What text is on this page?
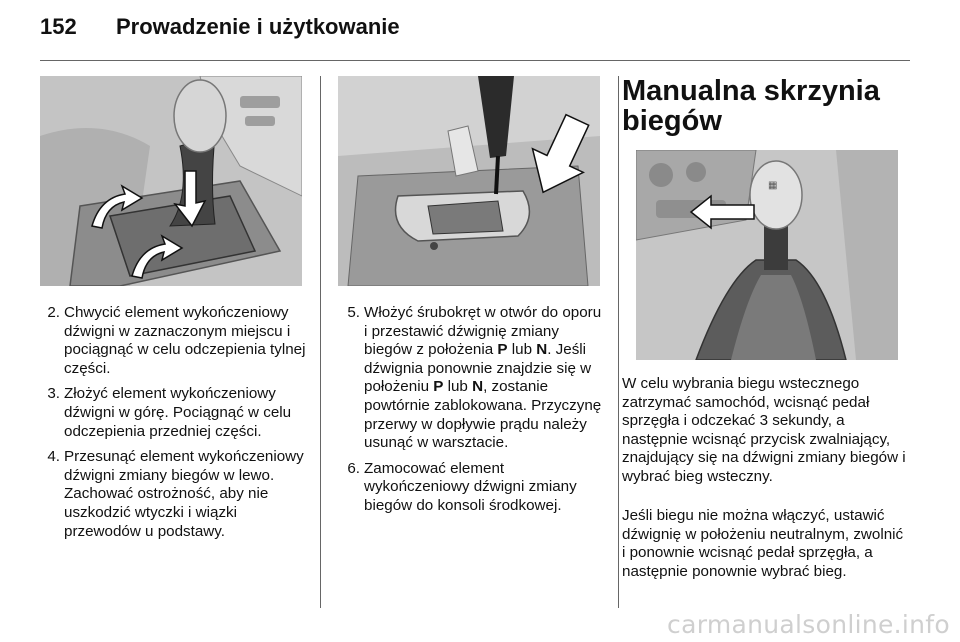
152 Prowadzenie i użytkowanie
2. Chwycić element wykończeniowy dźwigni w zaznaczonym miejscu i pociągnąć w celu odczepienia tylnej części.
3. Złożyć element wykończeniowy dźwigni w górę. Pociągnąć w celu odczepienia przedniej części.
4. Przesunąć element wykończeniowy dźwigni zmiany biegów w lewo. Zachować ostrożność, aby nie uszkodzić wtyczki i wiązki przewodów u podstawy.
5. Włożyć śrubokręt w otwór do oporu i przestawić dźwignię zmiany biegów z położenia P lub N. Jeśli dźwignia ponownie znajdzie się w położeniu P lub N, zostanie powtórnie zablokowana. Przyczynę przerwy w dopływie prądu należy usunąć w warsztacie.
6. Zamocować element wykończeniowy dźwigni zmiany biegów do konsoli środkowej.
Manualna skrzynia biegów
▦

W celu wybrania biegu wstecznego zatrzymać samochód, wcisnąć pedał sprzęgła i odczekać 3 sekundy, a następnie wcisnąć przycisk zwalniający, znajdujący się na dźwigni zmiany biegów i wybrać bieg wsteczny.

Jeśli biegu nie można włączyć, ustawić dźwignię w położeniu neutralnym, zwolnić i ponownie wcisnąć pedał sprzęgła, a następnie ponownie wybrać bieg.

carmanualsonline.info
